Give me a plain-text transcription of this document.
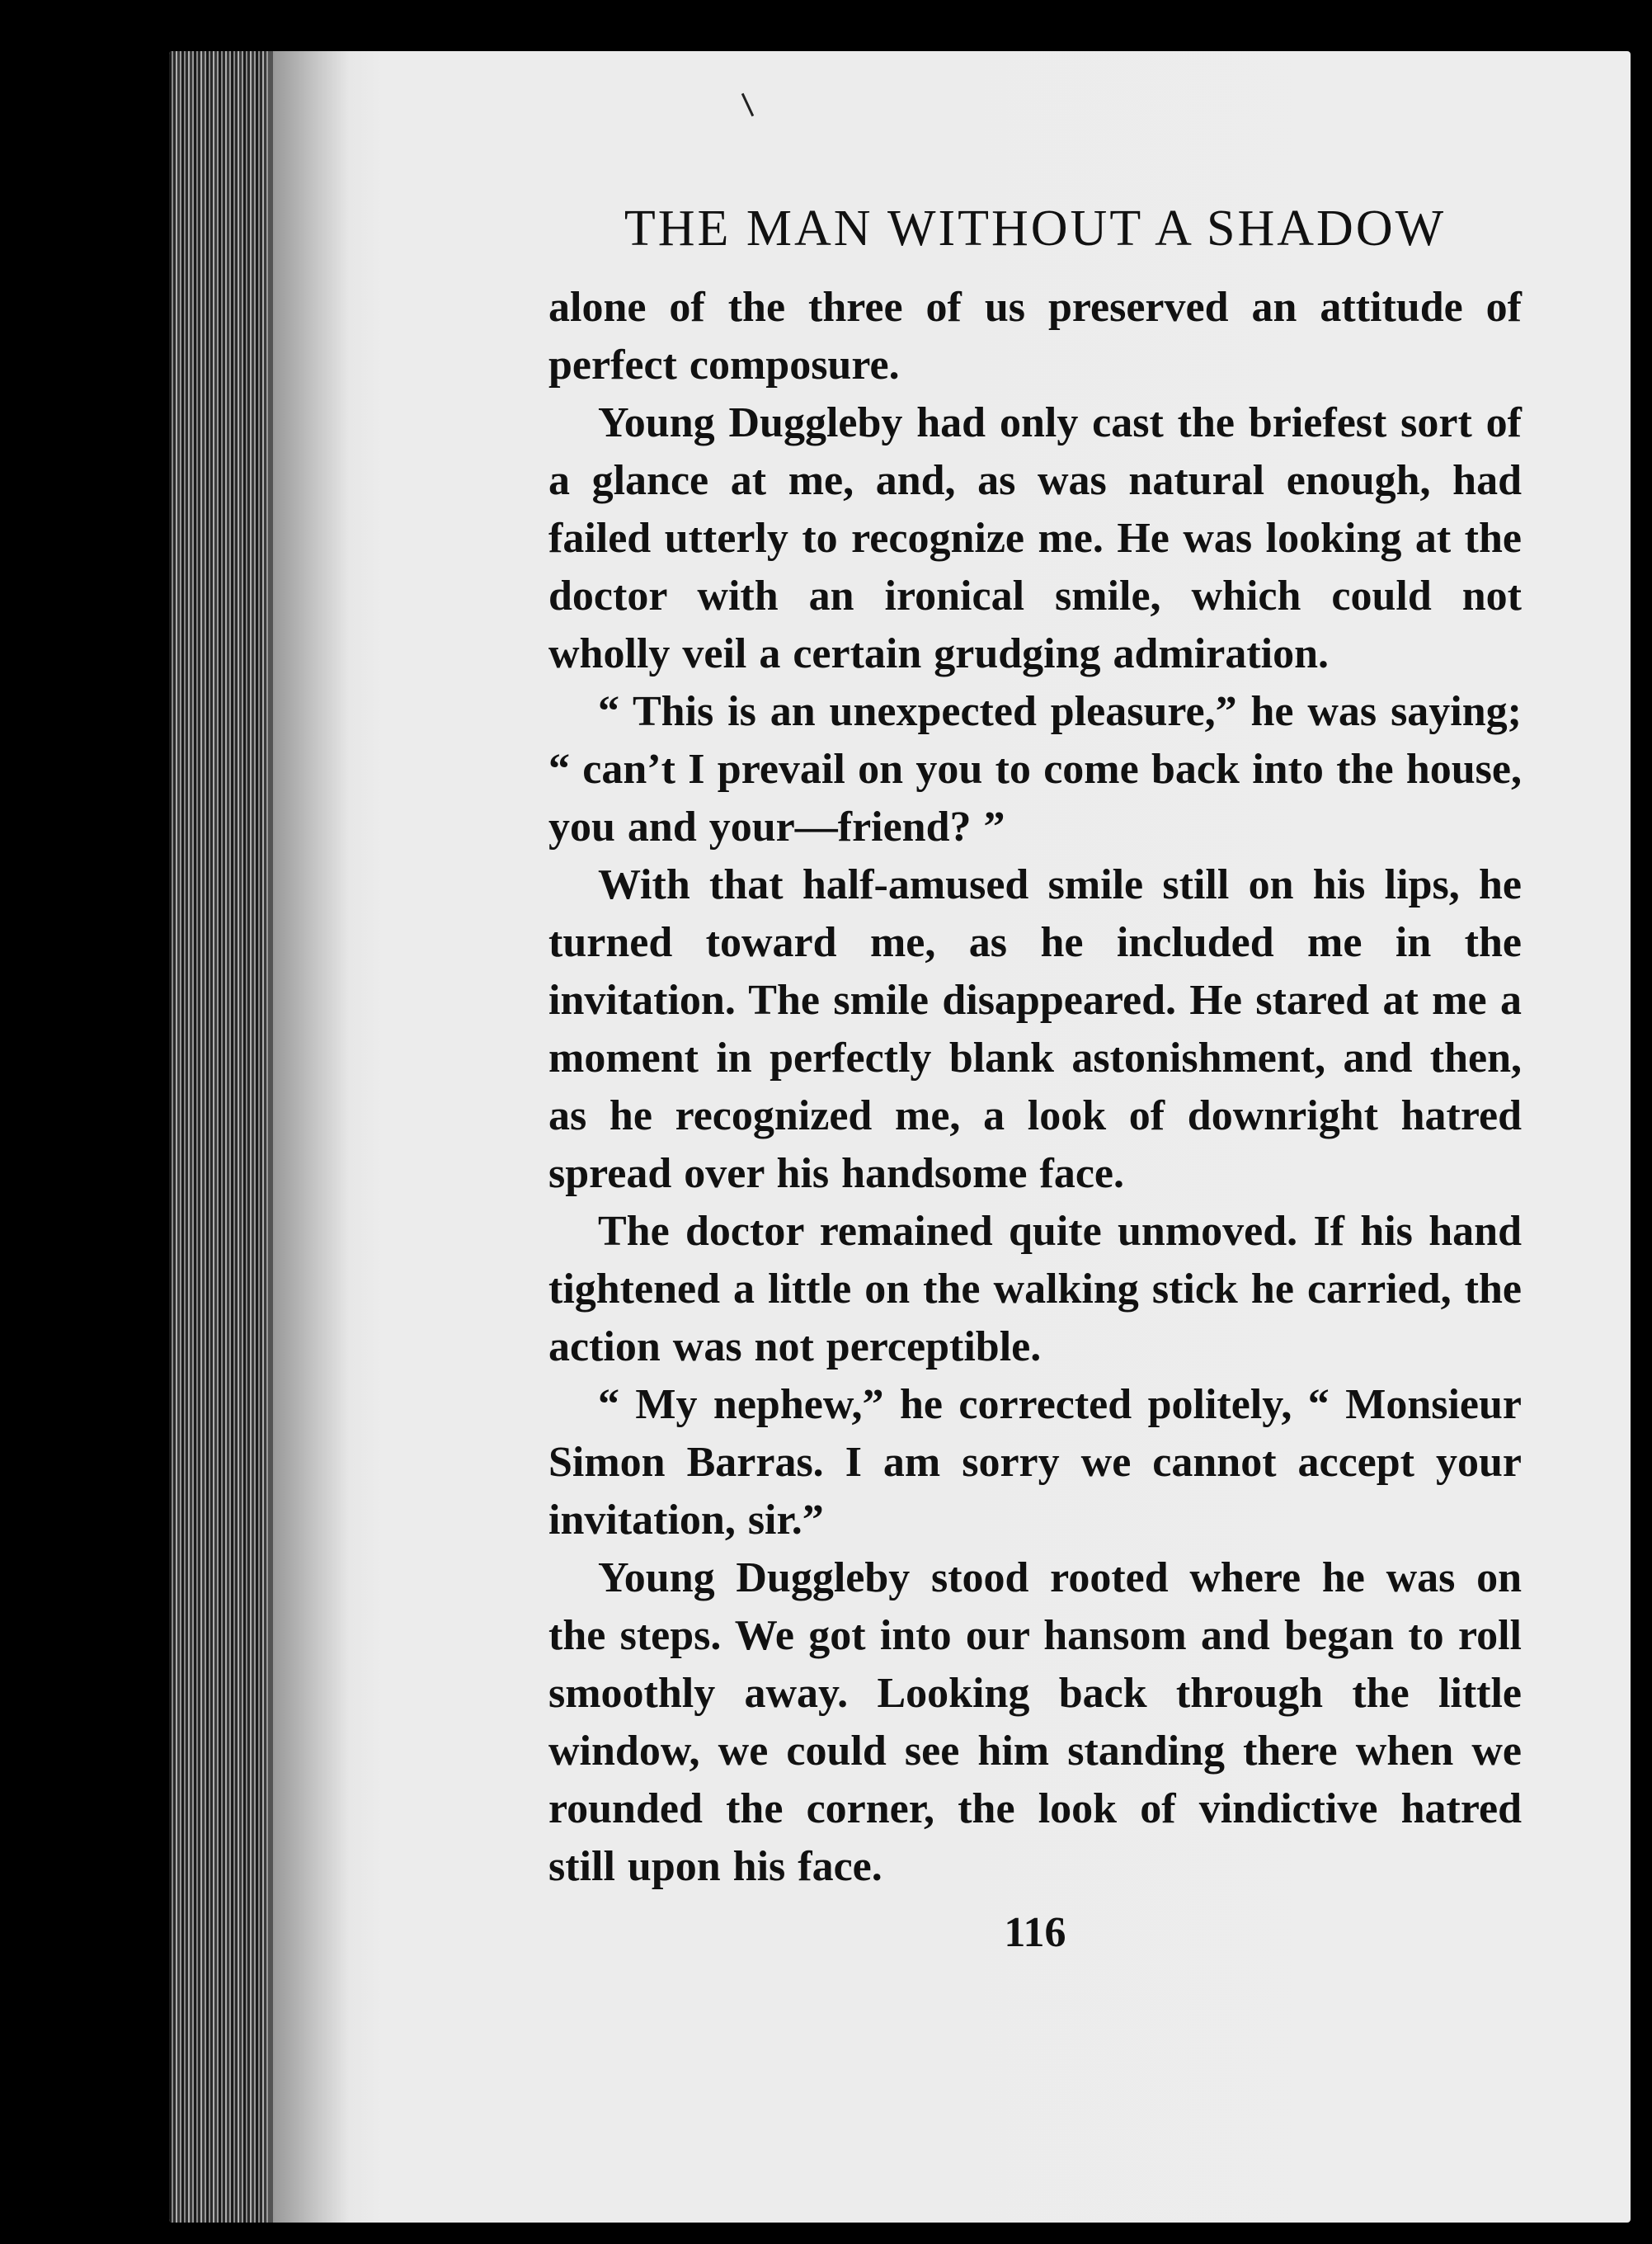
THE MAN WITHOUT A SHADOW

alone of the three of us preserved an attitude of perfect composure.

Young Duggleby had only cast the briefest sort of a glance at me, and, as was natural enough, had failed utterly to recognize me. He was looking at the doctor with an ironical smile, which could not wholly veil a certain grudging admiration.

“ This is an unexpected pleasure,” he was saying; “ can’t I prevail on you to come back into the house, you and your—friend? ”

With that half-amused smile still on his lips, he turned toward me, as he included me in the invitation. The smile disappeared. He stared at me a moment in perfectly blank astonishment, and then, as he recognized me, a look of downright hatred spread over his handsome face.

The doctor remained quite unmoved. If his hand tightened a little on the walking stick he carried, the action was not perceptible.

“ My nephew,” he corrected politely, “ Monsieur Simon Barras. I am sorry we cannot accept your invitation, sir.”

Young Duggleby stood rooted where he was on the steps. We got into our hansom and began to roll smoothly away. Looking back through the little window, we could see him standing there when we rounded the corner, the look of vindictive hatred still upon his face.

116
